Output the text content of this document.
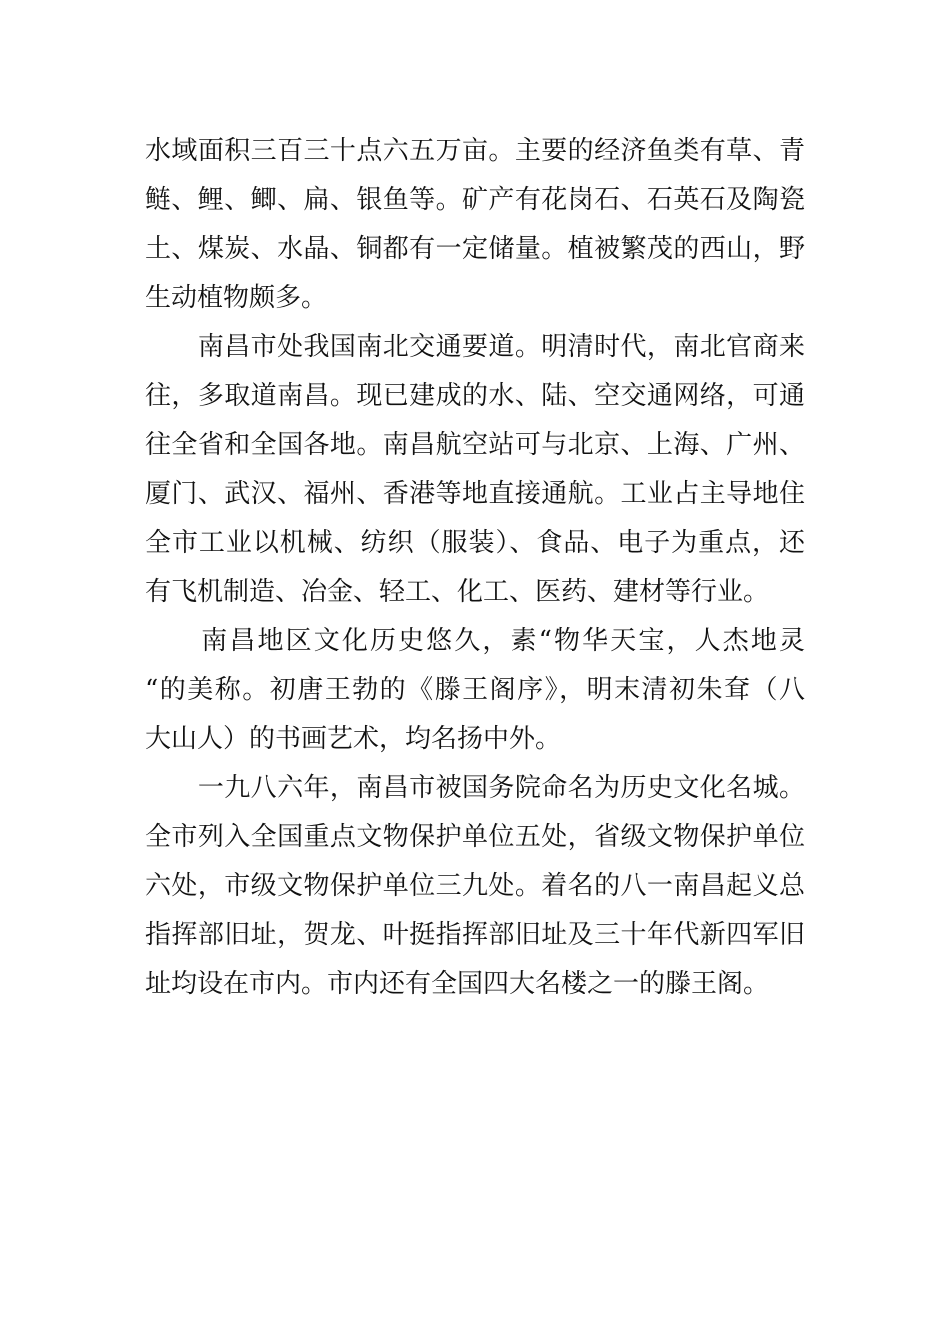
水域面积三百三十点六五万亩。主要的经济鱼类有草、青
鲢、鲤、鲫、扁、银鱼等。矿产有花岗石、石英石及陶瓷
土、煤炭、水晶、铜都有一定储量。植被繁茂的西山，野
生动植物颇多。
　　南昌市处我国南北交通要道。明清时代，南北官商来
往，多取道南昌。现已建成的水、陆、空交通网络，可通
往全省和全国各地。南昌航空站可与北京、上海、广州、
厦门、武汉、福州、香港等地直接通航。工业占主导地住
全市工业以机械、纺织（服装）、食品、电子为重点，还
有飞机制造、冶金、轻工、化工、医药、建材等行业。
　　南昌地区文化历史悠久，素“物华天宝，人杰地灵
“的美称。初唐王勃的《滕王阁序》，明末清初朱耷（八
大山人）的书画艺术，均名扬中外。
　　一九八六年，南昌市被国务院命名为历史文化名城。
全市列入全国重点文物保护单位五处，省级文物保护单位
六处，市级文物保护单位三九处。着名的八一南昌起义总
指挥部旧址，贺龙、叶挺指挥部旧址及三十年代新四军旧
址均设在市内。市内还有全国四大名楼之一的滕王阁。
